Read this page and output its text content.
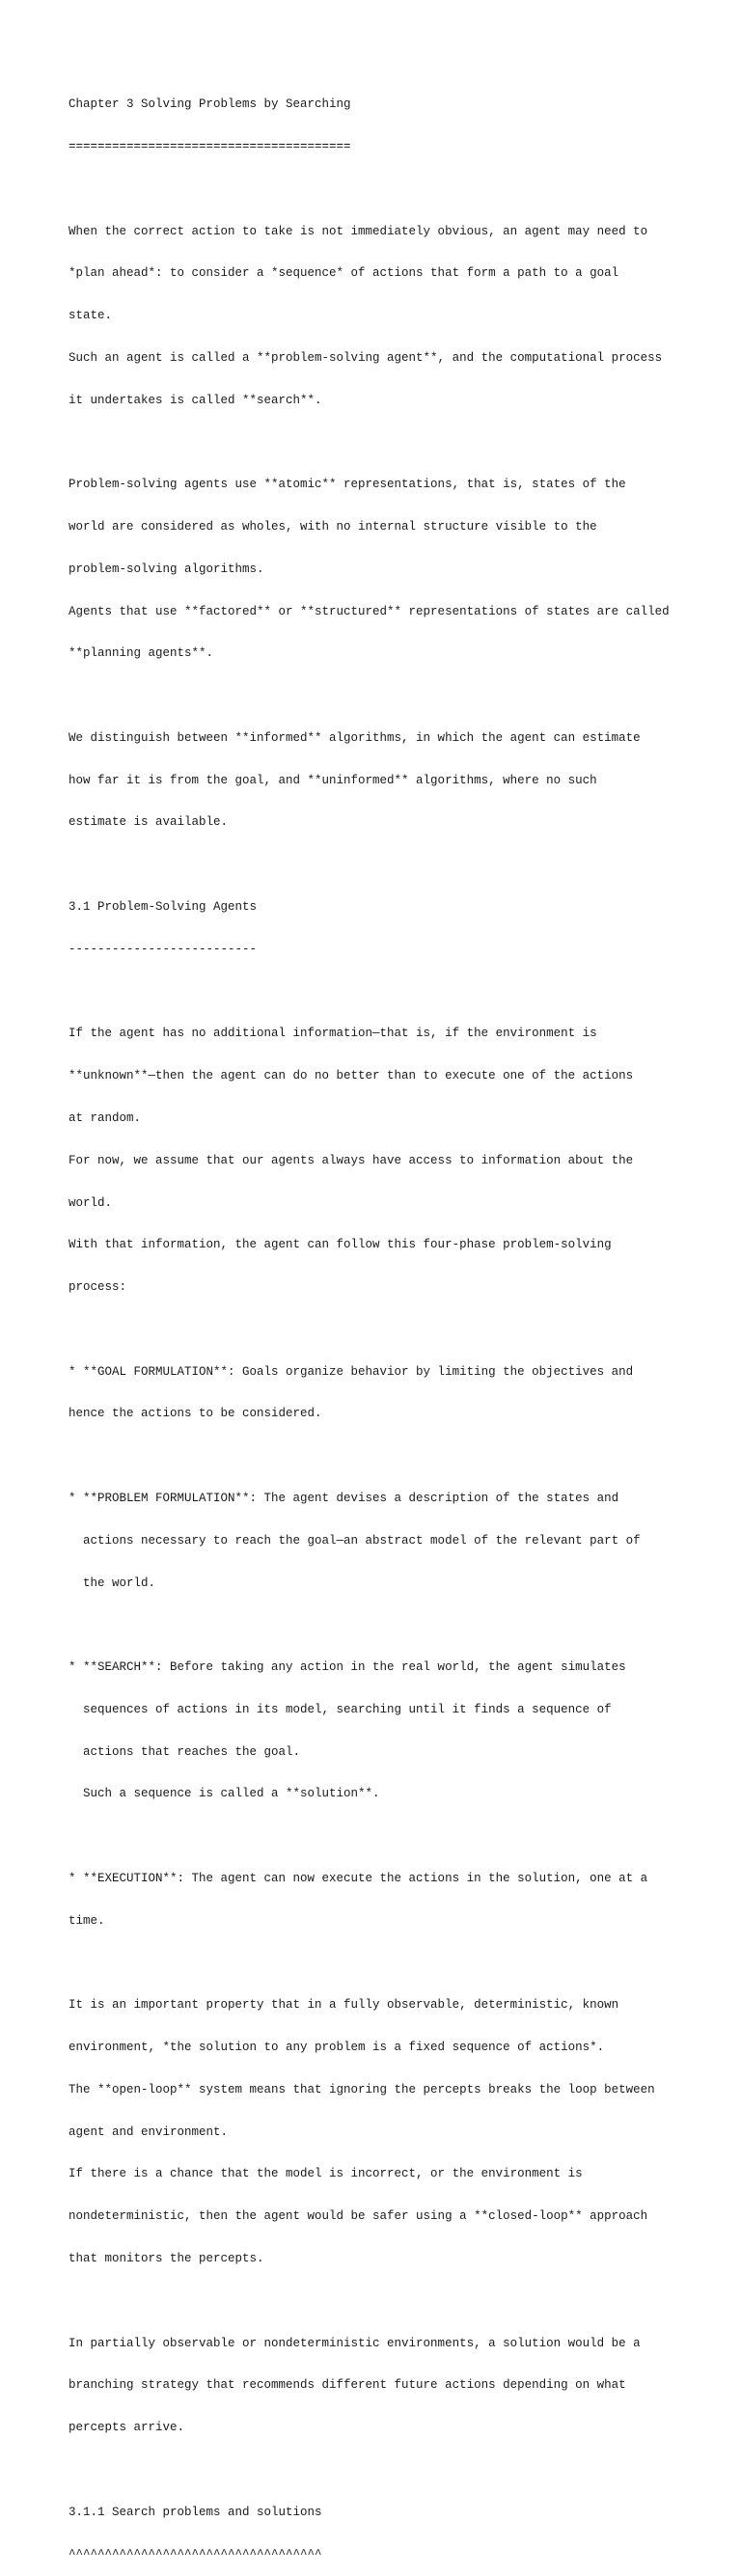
Chapter 3 Solving Problems by Searching

=======================================

When the correct action to take is not immediately obvious, an agent may need to

*plan ahead*: to consider a *sequence* of actions that form a path to a goal

state.

Such an agent is called a **problem-solving agent**, and the computational process

it undertakes is called **search**.

Problem-solving agents use **atomic** representations, that is, states of the

world are considered as wholes, with no internal structure visible to the

problem-solving algorithms.

Agents that use **factored** or **structured** representations of states are called

**planning agents**.

We distinguish between **informed** algorithms, in which the agent can estimate

how far it is from the goal, and **uninformed** algorithms, where no such

estimate is available.

3.1 Problem-Solving Agents

--------------------------

If the agent has no additional information—that is, if the environment is

**unknown**—then the agent can do no better than to execute one of the actions

at random.

For now, we assume that our agents always have access to information about the

world.

With that information, the agent can follow this four-phase problem-solving

process:

* **GOAL FORMULATION**: Goals organize behavior by limiting the objectives and

hence the actions to be considered.

* **PROBLEM FORMULATION**: The agent devises a description of the states and

actions necessary to reach the goal—an abstract model of the relevant part of

the world.

* **SEARCH**: Before taking any action in the real world, the agent simulates

sequences of actions in its model, searching until it finds a sequence of

actions that reaches the goal.

Such a sequence is called a **solution**.

* **EXECUTION**: The agent can now execute the actions in the solution, one at a

time.

It is an important property that in a fully observable, deterministic, known

environment, *the solution to any problem is a fixed sequence of actions*.

The **open-loop** system means that ignoring the percepts breaks the loop between

agent and environment.

If there is a chance that the model is incorrect, or the environment is

nondeterministic, then the agent would be safer using a **closed-loop** approach

that monitors the percepts.

In partially observable or nondeterministic environments, a solution would be a

branching strategy that recommends different future actions depending on what

percepts arrive.

3.1.1 Search problems and solutions

^^^^^^^^^^^^^^^^^^^^^^^^^^^^^^^^^^^
